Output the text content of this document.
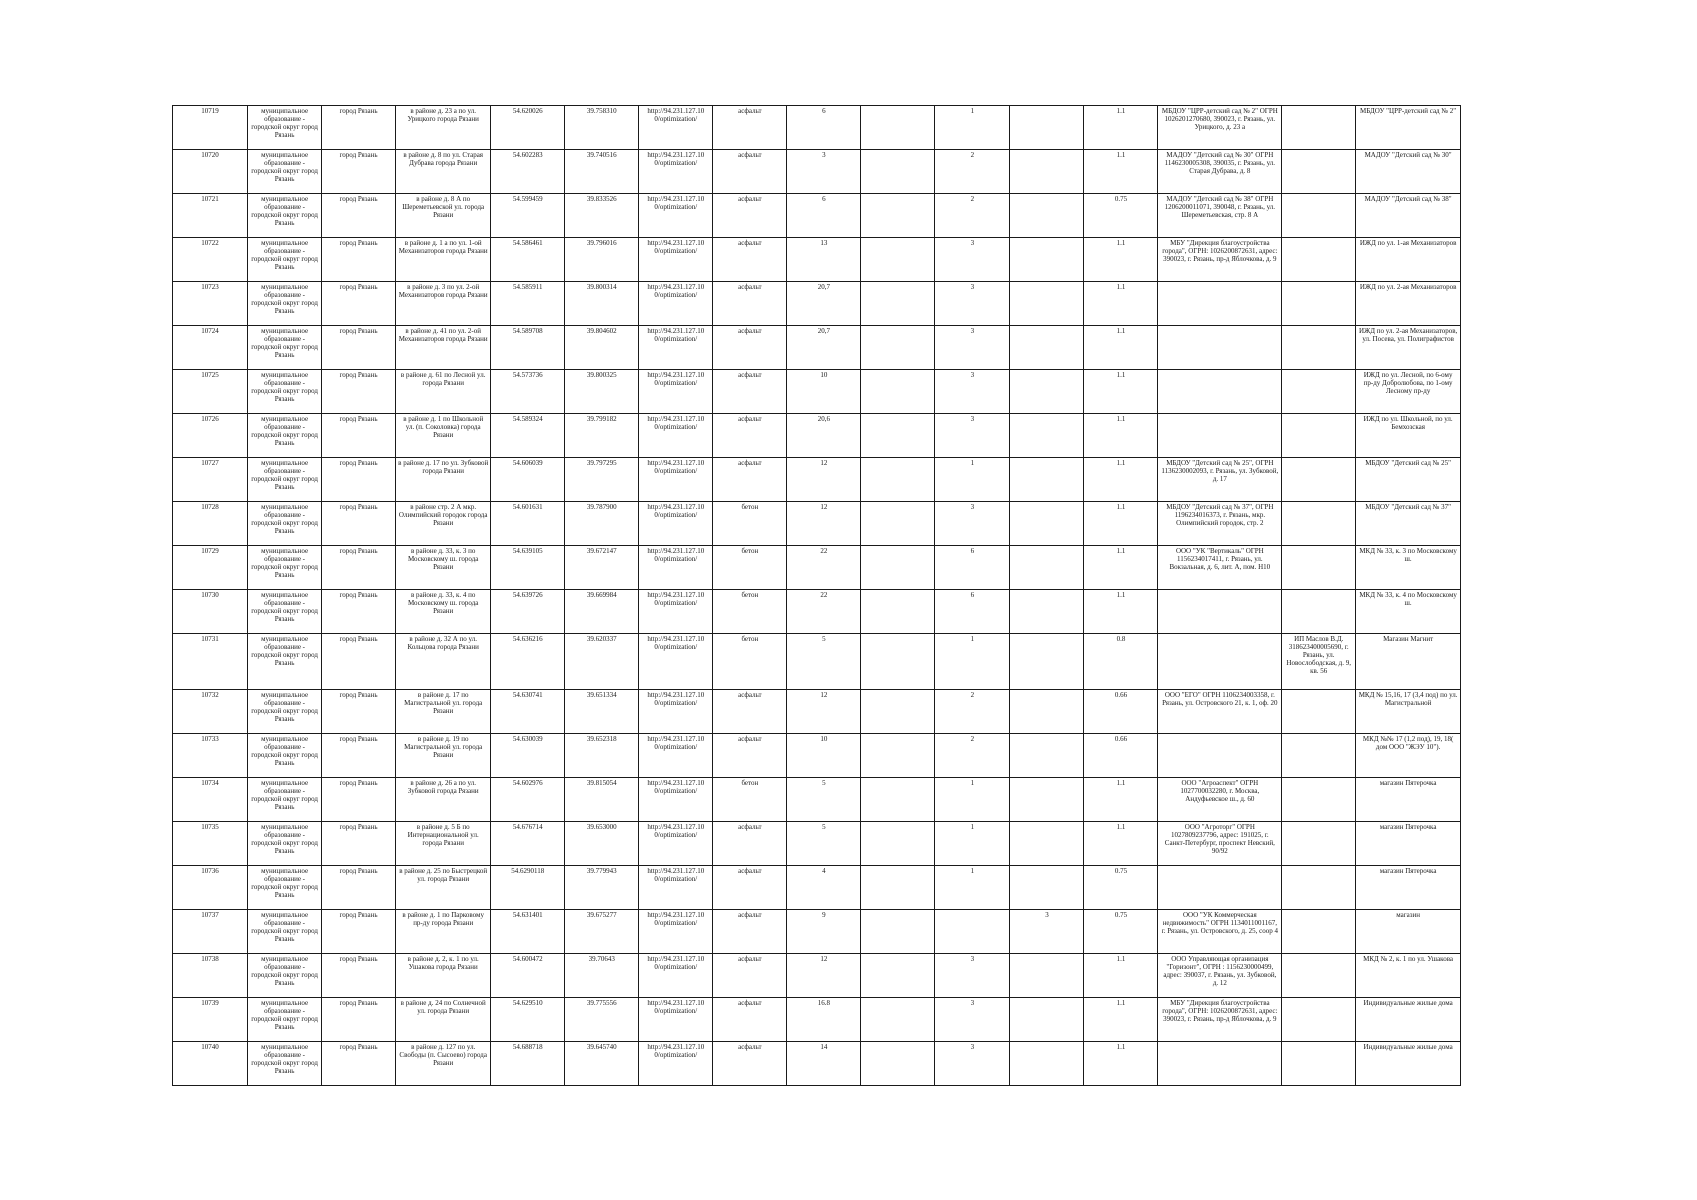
10719	муниципальное образование - городской округ город Рязань	город Рязань	в районе д. 23 а по ул. Урицкого города Рязани	54.620026	39.758310	http://94.231.127.10 0/optimization/	асфальт	6		1		1.1	МБДОУ "ЦРР-детский сад № 2" ОГРН 1026201270680, 390023, г. Рязань, ул. Урицкого, д. 23 а		МБДОУ "ЦРР-детский сад № 2"
10720	муниципальное образование - городской округ город Рязань	город Рязань	в районе д. 8 по ул. Старая Дубрава города Рязани	54.602283	39.740516	http://94.231.127.10 0/optimization/	асфальт	3		2		1.1	МАДОУ "Детский сад № 30" ОГРН 1146230005308, 390035, г. Рязань, ул. Старая Дубрава, д. 8		МАДОУ "Детский сад № 30"
10721	муниципальное образование - городской округ город Рязань	город Рязань	в районе д. 8 А по Шереметьевской ул. города Рязани	54.599459	39.833526	http://94.231.127.10 0/optimization/	асфальт	6		2		0.75	МАДОУ "Детский сад № 38" ОГРН 1206200011071, 390048, г. Рязань, ул. Шереметьевская, стр. 8 А		МАДОУ "Детский сад № 38"
10722	муниципальное образование - городской округ город Рязань	город Рязань	в районе д. 1 а по ул. 1-ой Механизаторов города Рязани	54.586461	39.796016	http://94.231.127.10 0/optimization/	асфальт	13		3		1.1	МБУ "Дирекция благоустройства города", ОГРН: 1026200872631, адрес: 390023, г. Рязань, пр-д Яблочкова, д. 9		ИЖД по ул. 1-ая Механизаторов
10723	муниципальное образование - городской округ город Рязань	город Рязань	в районе д. 3 по ул. 2-ой Механизаторов города Рязани	54.585911	39.800314	http://94.231.127.10 0/optimization/	асфальт	20,7		3		1.1			ИЖД по ул. 2-ая Механизаторов
10724	муниципальное образование - городской округ город Рязань	город Рязань	в районе д. 41 по ул. 2-ой Механизаторов города Рязани	54.589708	39.804602	http://94.231.127.10 0/optimization/	асфальт	20,7		3		1.1			ИЖД по ул. 2-ая Механизаторов, ул. Посева, ул. Полиграфистов
10725	муниципальное образование - городской округ город Рязань	город Рязань	в районе д. 61 по Лесной ул. города Рязани	54.573736	39.800325	http://94.231.127.10 0/optimization/	асфальт	10		3		1.1			ИЖД по ул. Лесной, по 6-ому пр-ду Добролюбова, по 1-ому Лесному пр-ду
10726	муниципальное образование - городской округ город Рязань	город Рязань	в районе д. 1 по Школьной ул. (п. Соколовка) города Рязани	54.589324	39.799182	http://94.231.127.10 0/optimization/	асфальт	20,6		3		1.1			ИЖД по ул. Школьной, по ул. Бемхозская
10727	муниципальное образование - городской округ город Рязань	город Рязань	в районе д. 17 по ул. Зубковой города Рязани	54.606039	39.797295	http://94.231.127.10 0/optimization/	асфальт	12		1		1.1	МБДОУ "Детский сад № 25", ОГРН 1136230002093, г. Рязань, ул. Зубковой, д. 17		МБДОУ "Детский сад № 25"
10728	муниципальное образование - городской округ город Рязань	город Рязань	в районе стр. 2 А мкр. Олимпийский городок города Рязани	54.601631	39.787900	http://94.231.127.10 0/optimization/	бетон	12		3		1.1	МБДОУ "Детский сад № 37", ОГРН 1196234016373, г. Рязань, мкр. Олимпийский городок, стр. 2		МБДОУ "Детский сад № 37"
10729	муниципальное образование - городской округ город Рязань	город Рязань	в районе д. 33, к. 3 по Московскому ш. города Рязани	54.639105	39.672147	http://94.231.127.10 0/optimization/	бетон	22		6		1.1	ООО "УК "Вертикаль" ОГРН 1156234017411, г. Рязань, ул. Вокзальная, д. 6, лит. А, пом. Н10		МКД № 33, к. 3 по Московскому ш.
10730	муниципальное образование - городской округ город Рязань	город Рязань	в районе д. 33, к. 4 по Московскому ш. города Рязани	54.639726	39.669984	http://94.231.127.10 0/optimization/	бетон	22		6		1.1			МКД № 33, к. 4 по Московскому ш.
10731	муниципальное образование - городской округ город Рязань	город Рязань	в районе д. 32 А по ул. Кольцова города Рязани	54.636216	39.620337	http://94.231.127.10 0/optimization/	бетон	5		1		0.8		ИП Маслов В.Д. 318623400005690, г. Рязань, ул. Новослободская, д. 9, кв. 56	Магазин Магнит
10732	муниципальное образование - городской округ город Рязань	город Рязань	в районе д. 17 по Магистральной ул. города Рязани	54.630741	39.651334	http://94.231.127.10 0/optimization/	асфальт	12		2		0.66	ООО "ЕГО" ОГРН 1106234003358, г. Рязань, ул. Островского 21, к. 1, оф. 20		МКД № 15,16, 17 (3,4 под) по ул. Магистральной
10733	муниципальное образование - городской округ город Рязань	город Рязань	в районе д. 19 по Магистральной ул. города Рязани	54.630039	39.652318	http://94.231.127.10 0/optimization/	асфальт	10		2		0.66			МКД №№ 17 (1,2 под), 19, 18( дом ООО "ЖЭУ 10").
10734	муниципальное образование - городской округ город Рязань	город Рязань	в районе д. 26 а по ул. Зубковой города Рязани	54.602976	39.815054	http://94.231.127.10 0/optimization/	бетон	5		1		1.1	ООО "Агроаспект" ОГРН 1027700032280, г. Москва, Андуфьевское ш., д. 60		магазин Пятерочка
10735	муниципальное образование - городской округ город Рязань	город Рязань	в районе д. 5 Б по Интернациональной ул. города Рязани	54.676714	39.653000	http://94.231.127.10 0/optimization/	асфальт	5		1		1.1	ООО "Агроторг" ОГРН 1027809237796, адрес: 191025, г. Санкт-Петербург, проспект Невский, 90/92		магазин Пятерочка
10736	муниципальное образование - городской округ город Рязань	город Рязань	в районе д. 25 по Быстрецкой ул. города Рязани	54.6290118	39.779943	http://94.231.127.10 0/optimization/	асфальт	4		1		0.75			магазин Пятерочка
10737	муниципальное образование - городской округ город Рязань	город Рязань	в районе д. 1 по Парковому пр-ду города Рязани	54.631401	39.675277	http://94.231.127.10 0/optimization/	асфальт	9			3	0.75	ООО "УК Коммерческая недвижимость" ОГРН 1134011001167, г. Рязань, ул. Островского, д. 25, соор 4		магазин
10738	муниципальное образование - городской округ город Рязань	город Рязань	в районе д. 2, к. 1 по ул. Ушакова города Рязани	54.600472	39.70643	http://94.231.127.10 0/optimization/	асфальт	12		3		1.1	ООО Управляющая организация "Горизонт", ОГРН : 1156230000499, адрес: 390037, г. Рязань, ул. Зубковой, д. 12		МКД № 2, к. 1 по ул. Ушакова
10739	муниципальное образование - городской округ город Рязань	город Рязань	в районе д. 24 по Солнечной ул. города Рязани	54.629510	39.775556	http://94.231.127.10 0/optimization/	асфальт	16.8		3		1.1	МБУ "Дирекция благоустройства города", ОГРН: 1026200872631, адрес: 390023, г. Рязань, пр-д Яблочкова, д. 9		Индивидуальные жилые дома
10740	муниципальное образование - городской округ город Рязань	город Рязань	в районе д. 127 по ул. Свободы (п. Сысоево) города Рязани	54.688718	39.645740	http://94.231.127.10 0/optimization/	асфальт	14		3		1.1			Индивидуальные жилые дома
